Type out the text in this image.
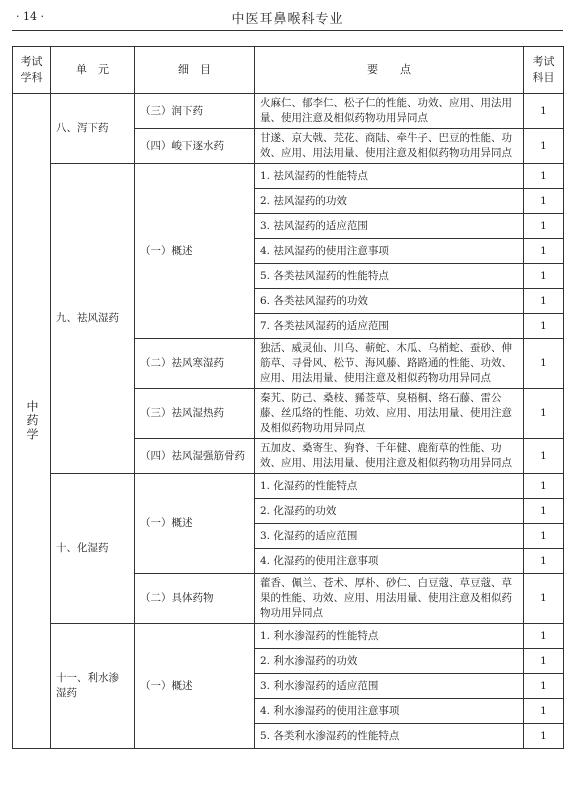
· 14 ·	中医耳鼻喉科专业
考试学科	单　元	细　目	要　　点	考试科目

中药学	八、泻下药	（三）润下药	火麻仁、郁李仁、松子仁的性能、功效、应用、用法用量、使用注意及相似药物功用异同点	1
		（四）峻下逐水药	甘遂、京大戟、芫花、商陆、牵牛子、巴豆的性能、功效、应用、用法用量、使用注意及相似药物功用异同点	1
	九、祛风湿药	（一）概述	1. 祛风湿药的性能特点	1
			2. 祛风湿药的功效	1
			3. 祛风湿药的适应范围	1
			4. 祛风湿药的使用注意事项	1
			5. 各类祛风湿药的性能特点	1
			6. 各类祛风湿药的功效	1
			7. 各类祛风湿药的适应范围	1
		（二）祛风寒湿药	独活、威灵仙、川乌、蕲蛇、木瓜、乌梢蛇、蚕砂、伸筋草、寻骨风、松节、海风藤、路路通的性能、功效、应用、用法用量、使用注意及相似药物功用异同点	1
		（三）祛风湿热药	秦艽、防己、桑枝、豨莶草、臭梧桐、络石藤、雷公藤、丝瓜络的性能、功效、应用、用法用量、使用注意及相似药物功用异同点	1
		（四）祛风湿强筋骨药	五加皮、桑寄生、狗脊、千年健、鹿衔草的性能、功效、应用、用法用量、使用注意及相似药物功用异同点	1
	十、化湿药	（一）概述	1. 化湿药的性能特点	1
			2. 化湿药的功效	1
			3. 化湿药的适应范围	1
			4. 化湿药的使用注意事项	1
		（二）具体药物	藿香、佩兰、苍术、厚朴、砂仁、白豆蔻、草豆蔻、草果的性能、功效、应用、用法用量、使用注意及相似药物功用异同点	1
	十一、利水渗湿药	（一）概述	1. 利水渗湿药的性能特点	1
			2. 利水渗湿药的功效	1
			3. 利水渗湿药的适应范围	1
			4. 利水渗湿药的使用注意事项	1
			5. 各类利水渗湿药的性能特点	1
